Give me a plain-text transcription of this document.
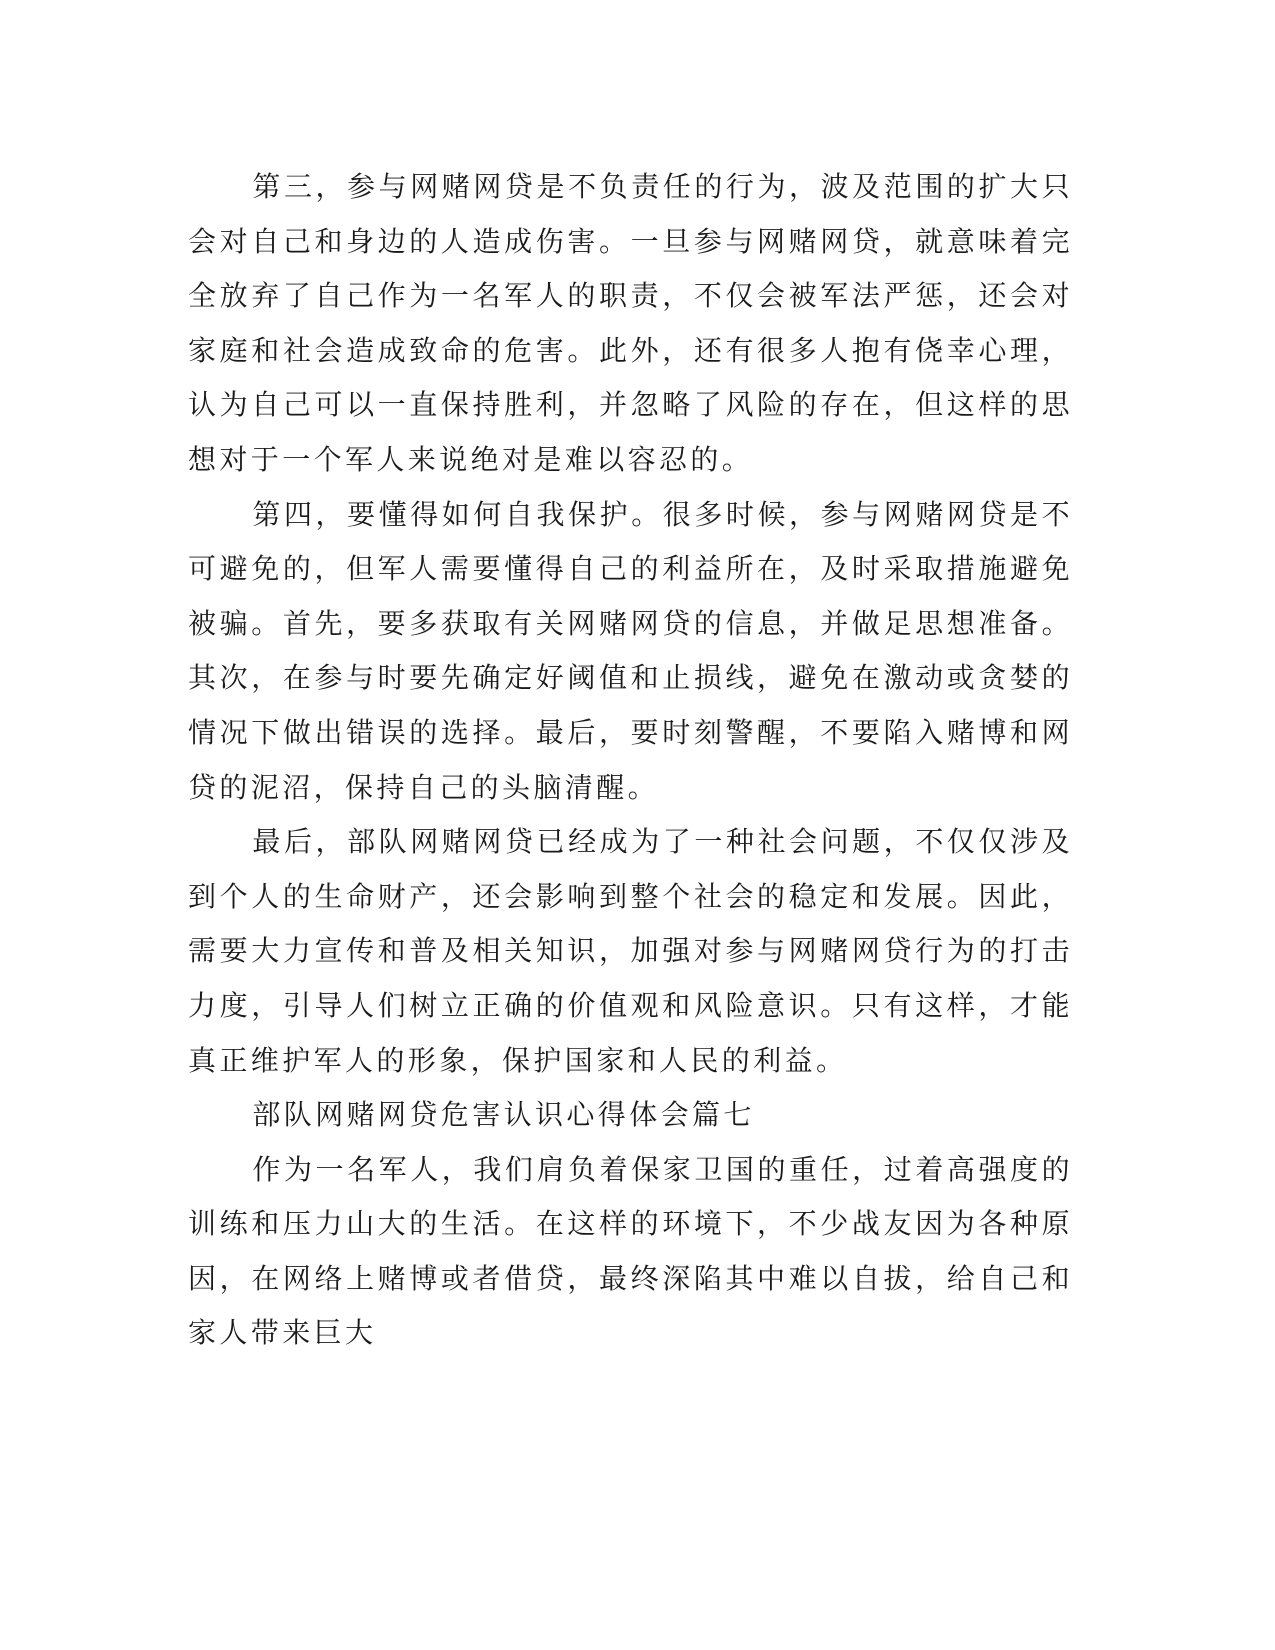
第三，参与网赌网贷是不负责任的行为，波及范围的扩大只会对自己和身边的人造成伤害。一旦参与网赌网贷，就意味着完全放弃了自己作为一名军人的职责，不仅会被军法严惩，还会对家庭和社会造成致命的危害。此外，还有很多人抱有侥幸心理，认为自己可以一直保持胜利，并忽略了风险的存在，但这样的思想对于一个军人来说绝对是难以容忍的。

第四，要懂得如何自我保护。很多时候，参与网赌网贷是不可避免的，但军人需要懂得自己的利益所在，及时采取措施避免被骗。首先，要多获取有关网赌网贷的信息，并做足思想准备。其次，在参与时要先确定好阈值和止损线，避免在激动或贪婪的情况下做出错误的选择。最后，要时刻警醒，不要陷入赌博和网贷的泥沼，保持自己的头脑清醒。

最后，部队网赌网贷已经成为了一种社会问题，不仅仅涉及到个人的生命财产，还会影响到整个社会的稳定和发展。因此，需要大力宣传和普及相关知识，加强对参与网赌网贷行为的打击力度，引导人们树立正确的价值观和风险意识。只有这样，才能真正维护军人的形象，保护国家和人民的利益。

部队网赌网贷危害认识心得体会篇七

作为一名军人，我们肩负着保家卫国的重任，过着高强度的训练和压力山大的生活。在这样的环境下，不少战友因为各种原因，在网络上赌博或者借贷，最终深陷其中难以自拔，给自己和家人带来巨大
